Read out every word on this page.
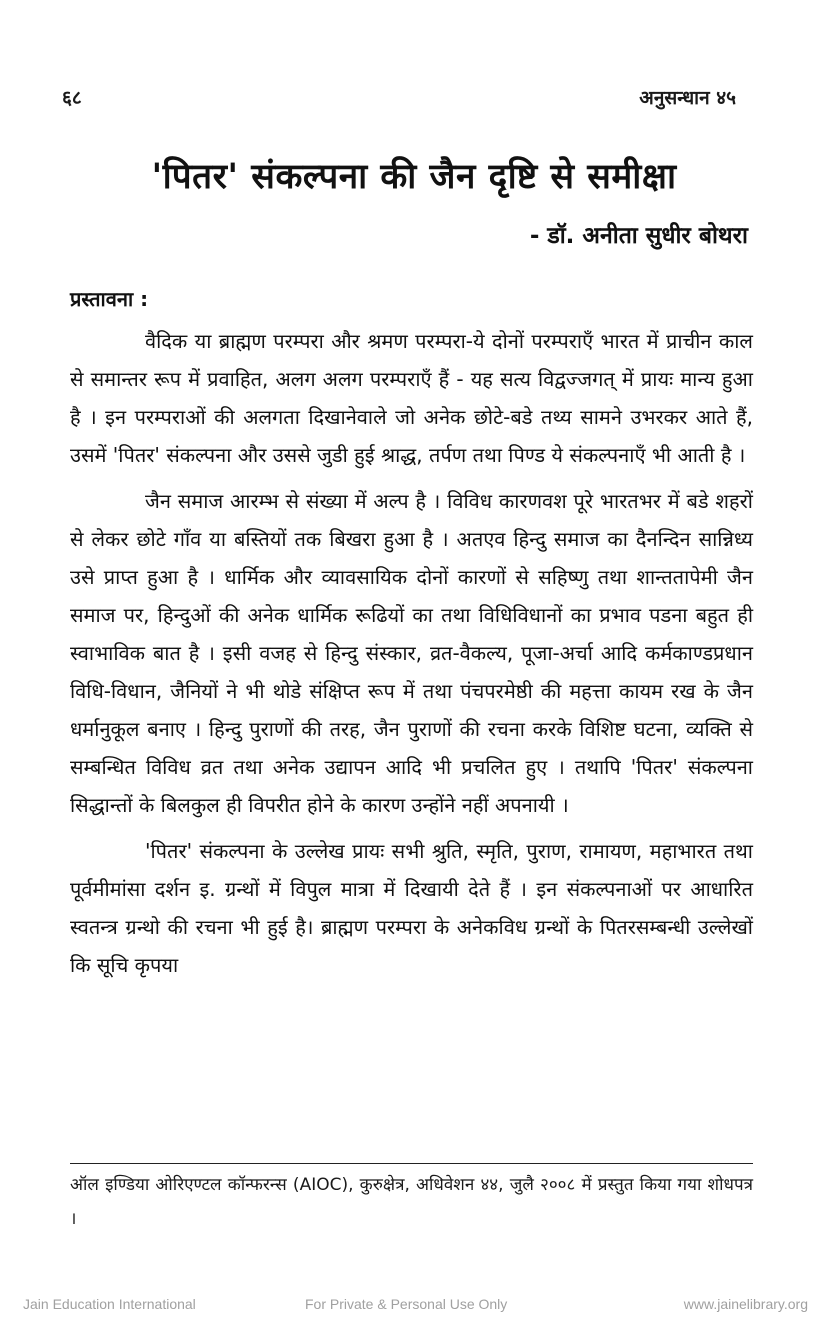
६८	अनुसन्धान ४५
'पितर' संकल्पना की जैन दृष्टि से समीक्षा
- डॉ. अनीता सुधीर बोथरा
प्रस्तावना :

वैदिक या ब्राह्मण परम्परा और श्रमण परम्परा-ये दोनों परम्पराएँ भारत में प्राचीन काल से समान्तर रूप में प्रवाहित, अलग अलग परम्पराएँ हैं - यह सत्य विद्वज्जगत् में प्रायः मान्य हुआ है । इन परम्पराओं की अलगता दिखानेवाले जो अनेक छोटे-बडे तथ्य सामने उभरकर आते हैं, उसमें 'पितर' संकल्पना और उससे जुडी हुई श्राद्ध, तर्पण तथा पिण्ड ये संकल्पनाएँ भी आती है ।

जैन समाज आरम्भ से संख्या में अल्प है । विविध कारणवश पूरे भारतभर में बडे शहरों से लेकर छोटे गाँव या बस्तियों तक बिखरा हुआ है । अतएव हिन्दु समाज का दैनन्दिन सान्निध्य उसे प्राप्त हुआ है । धार्मिक और व्यावसायिक दोनों कारणों से सहिष्णु तथा शान्ततापेमी जैन समाज पर, हिन्दुओं की अनेक धार्मिक रूढियों का तथा विधिविधानों का प्रभाव पडना बहुत ही स्वाभाविक बात है । इसी वजह से हिन्दु संस्कार, व्रत-वैकल्य, पूजा-अर्चा आदि कर्मकाण्डप्रधान विधि-विधान, जैनियों ने भी थोडे संक्षिप्त रूप में तथा पंचपरमेष्ठी की महत्ता कायम रख के जैन धर्मानुकूल बनाए । हिन्दु पुराणों की तरह, जैन पुराणों की रचना करके विशिष्ट घटना, व्यक्ति से सम्बन्धित विविध व्रत तथा अनेक उद्यापन आदि भी प्रचलित हुए । तथापि 'पितर' संकल्पना सिद्धान्तों के बिलकुल ही विपरीत होने के कारण उन्होंने नहीं अपनायी ।

'पितर' संकल्पना के उल्लेख प्रायः सभी श्रुति, स्मृति, पुराण, रामायण, महाभारत तथा पूर्वमीमांसा दर्शन इ. ग्रन्थों में विपुल मात्रा में दिखायी देते हैं । इन संकल्पनाओं पर आधारित स्वतन्त्र ग्रन्थो की रचना भी हुई है। ब्राह्मण परम्परा के अनेकविध ग्रन्थों के पितरसम्बन्धी उल्लेखों कि सूचि कृपया

ऑल इण्डिया ओरिएण्टल कॉन्फरन्स (AIOC), कुरुक्षेत्र, अधिवेशन ४४, जुलै २००८ में प्रस्तुत किया गया शोधपत्र ।
Jain Education International	For Private & Personal Use Only	www.jainelibrary.org
